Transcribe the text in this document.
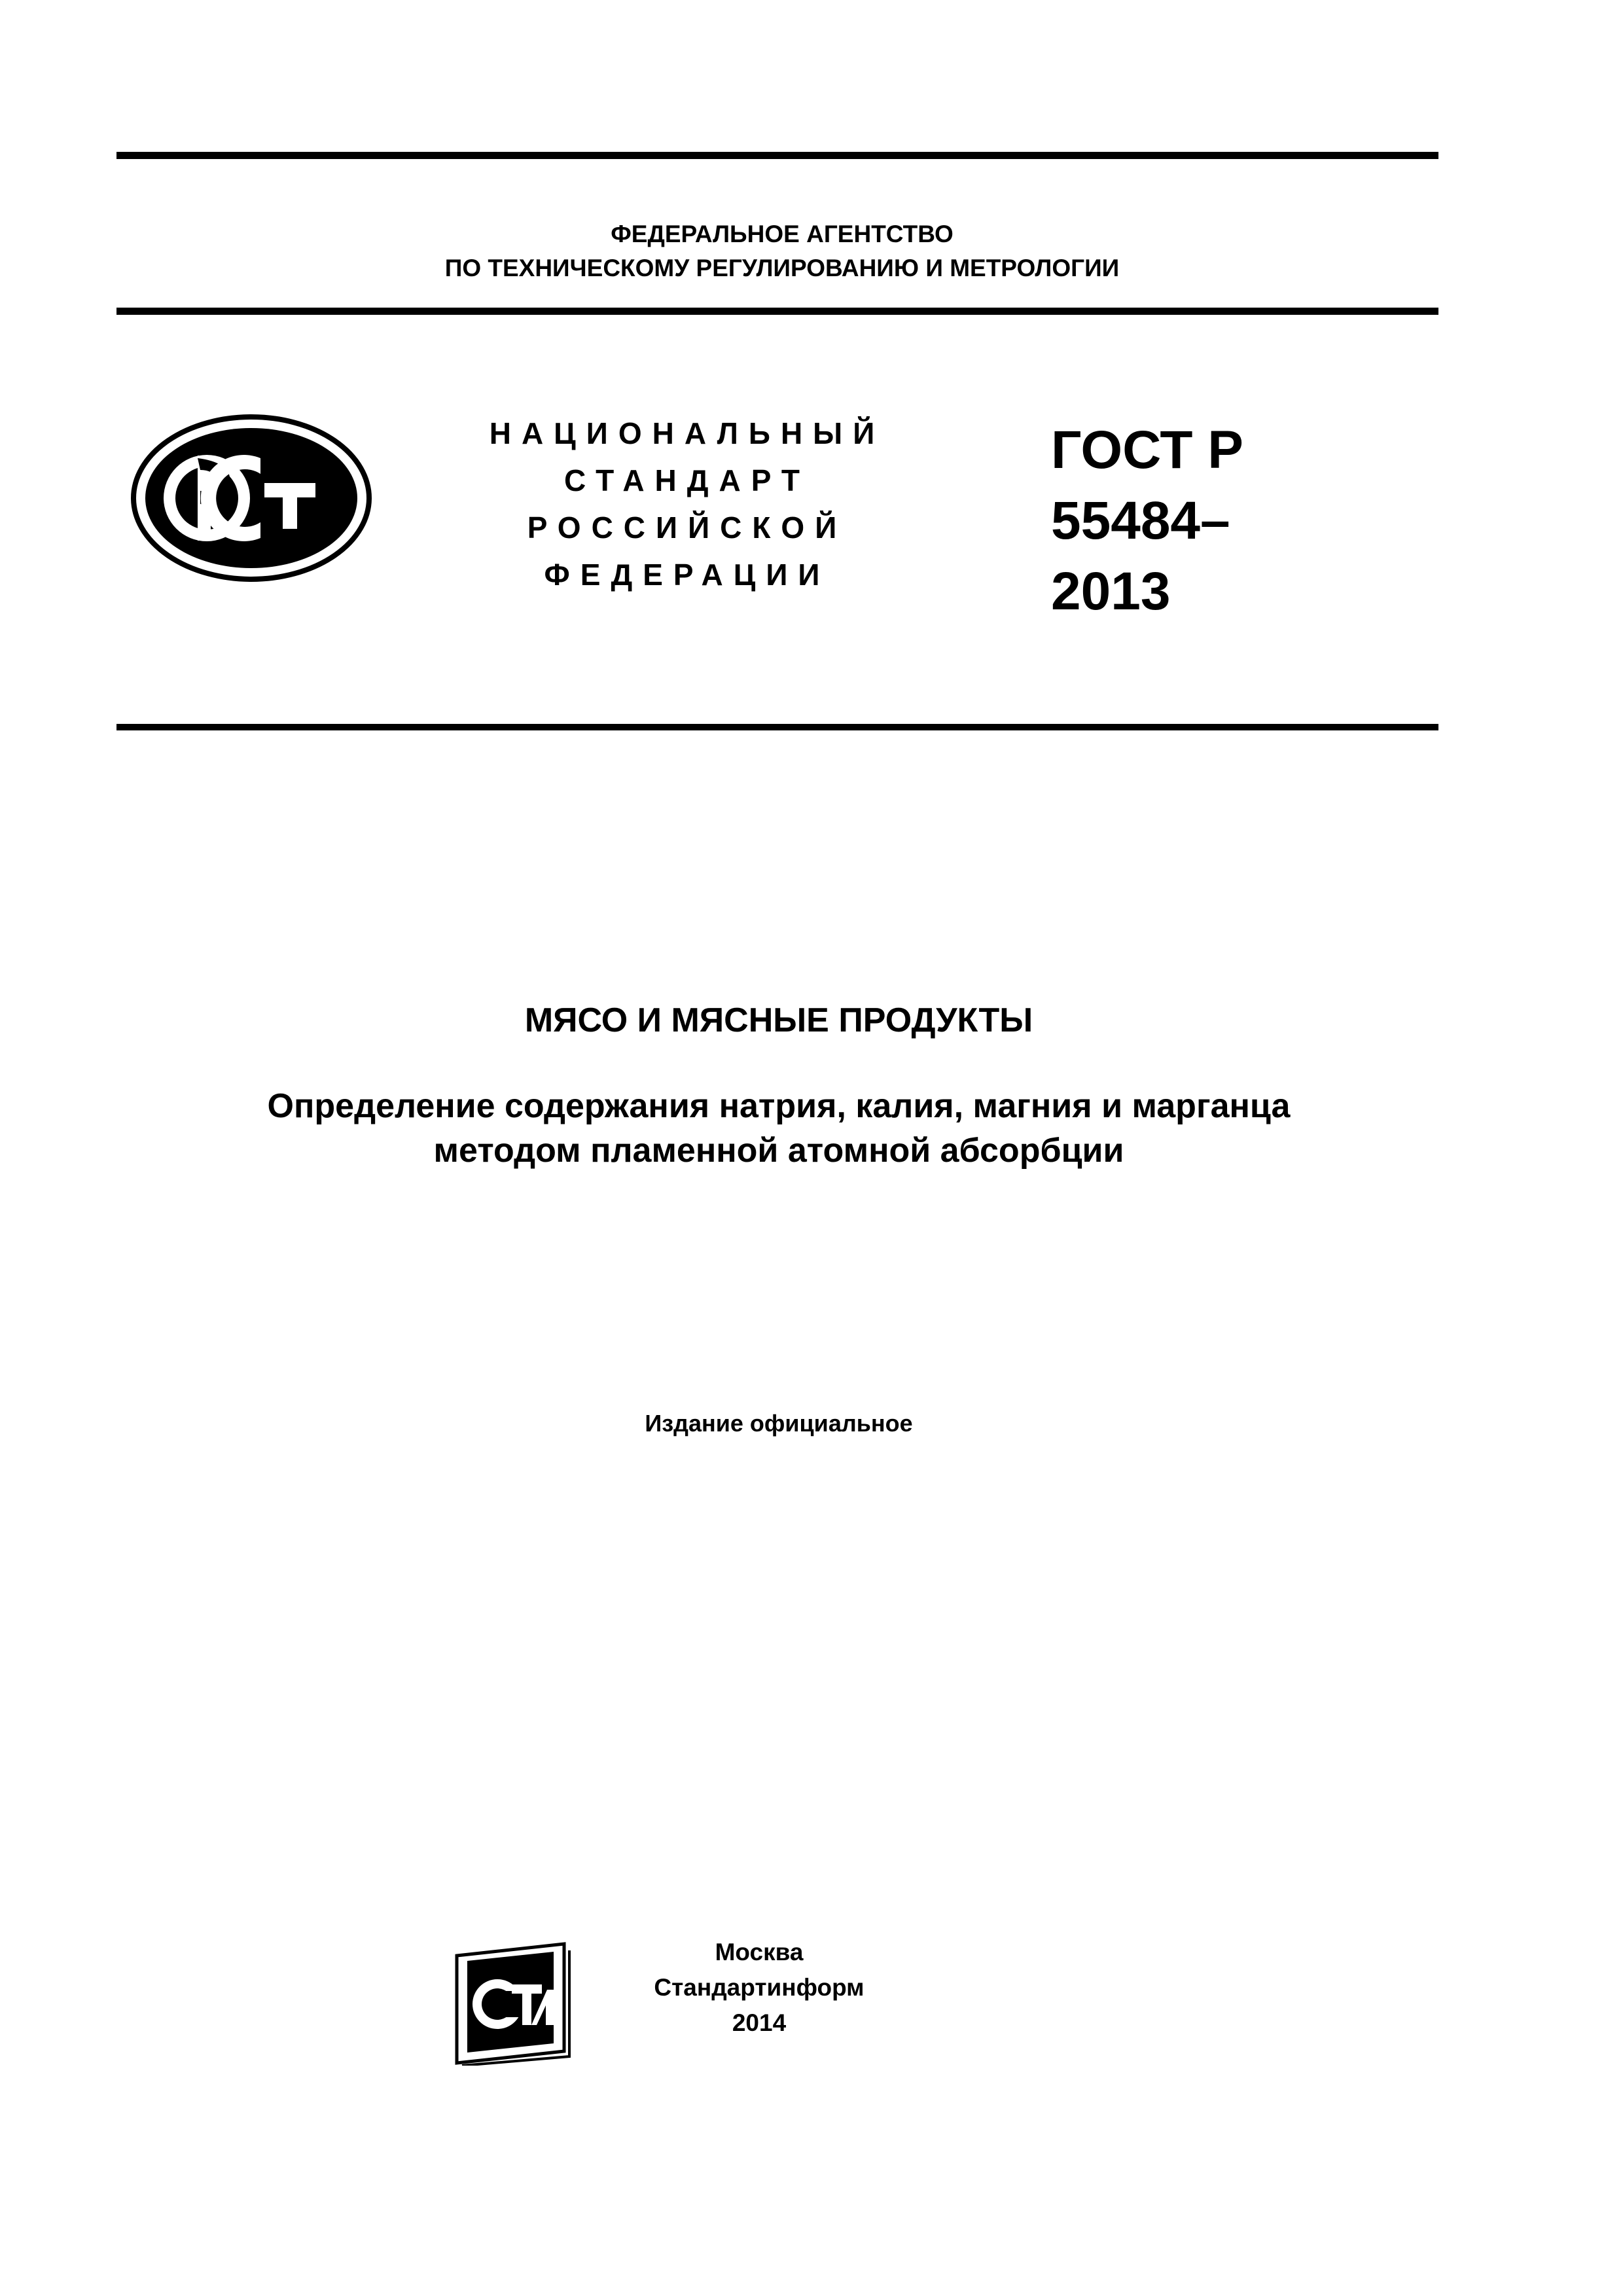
ФЕДЕРАЛЬНОЕ АГЕНТСТВО
ПО ТЕХНИЧЕСКОМУ РЕГУЛИРОВАНИЮ И МЕТРОЛОГИИ
НАЦИОНАЛЬНЫЙ
СТАНДАРТ
РОССИЙСКОЙ
ФЕДЕРАЦИИ
ГОСТ Р
55484–
2013
МЯСО И МЯСНЫЕ ПРОДУКТЫ
Определение содержания натрия, калия, магния и марганца
методом пламенной атомной абсорбции
Издание официальное
Москва
Стандартинформ
2014
